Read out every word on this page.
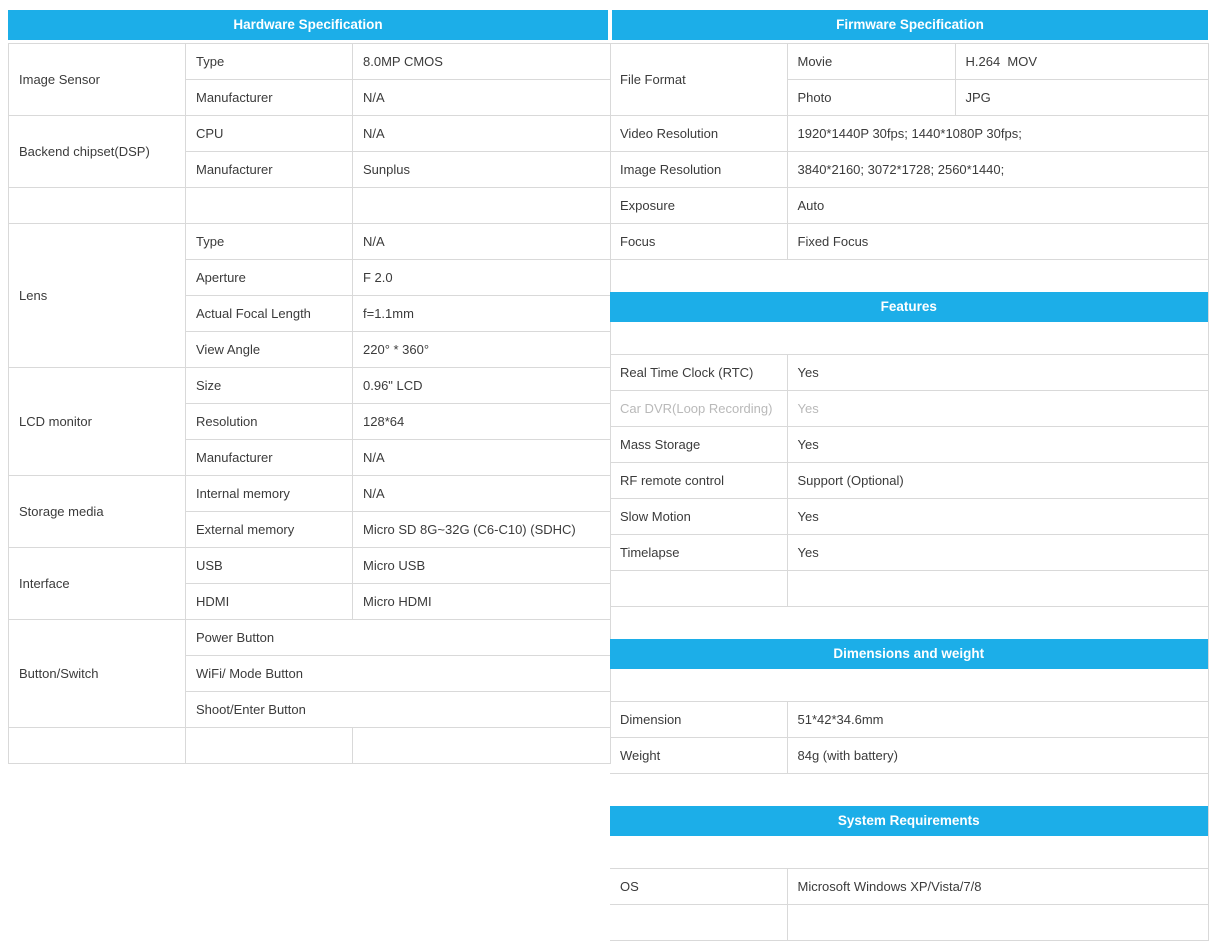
Hardware Specification
Image Sensor	Type	8.0MP CMOS
	Manufacturer	N/A
Backend chipset(DSP)	CPU	N/A
	Manufacturer	Sunplus

Lens	Type	N/A
	Aperture	F 2.0
	Actual Focal Length	f=1.1mm
	View Angle	220° * 360°
LCD monitor	Size	0.96" LCD
	Resolution	128*64
	Manufacturer	N/A
Storage media	Internal memory	N/A
	External memory	Micro SD 8G~32G (C6-C10) (SDHC)
Interface	USB	Micro USB
	HDMI	Micro HDMI
Button/Switch	Power Button	
	WiFi/ Mode Button	
	Shoot/Enter Button	

Firmware Specification
File Format	Movie	H.264  MOV
	Photo	JPG
Video Resolution	1920*1440P 30fps; 1440*1080P 30fps;	
Image Resolution	3840*2160; 3072*1728; 2560*1440;	
Exposure	Auto	
Focus	Fixed Focus	

Features		

Real Time Clock (RTC)	Yes	
Car DVR(Loop Recording)	Yes	
Mass Storage	Yes	
RF remote control	Support (Optional)	
Slow Motion	Yes	
Timelapse	Yes	

Dimensions and weight		

Dimension	51*42*34.6mm	
Weight	84g (with battery)	

System Requirements		

OS	Microsoft Windows XP/Vista/7/8	
